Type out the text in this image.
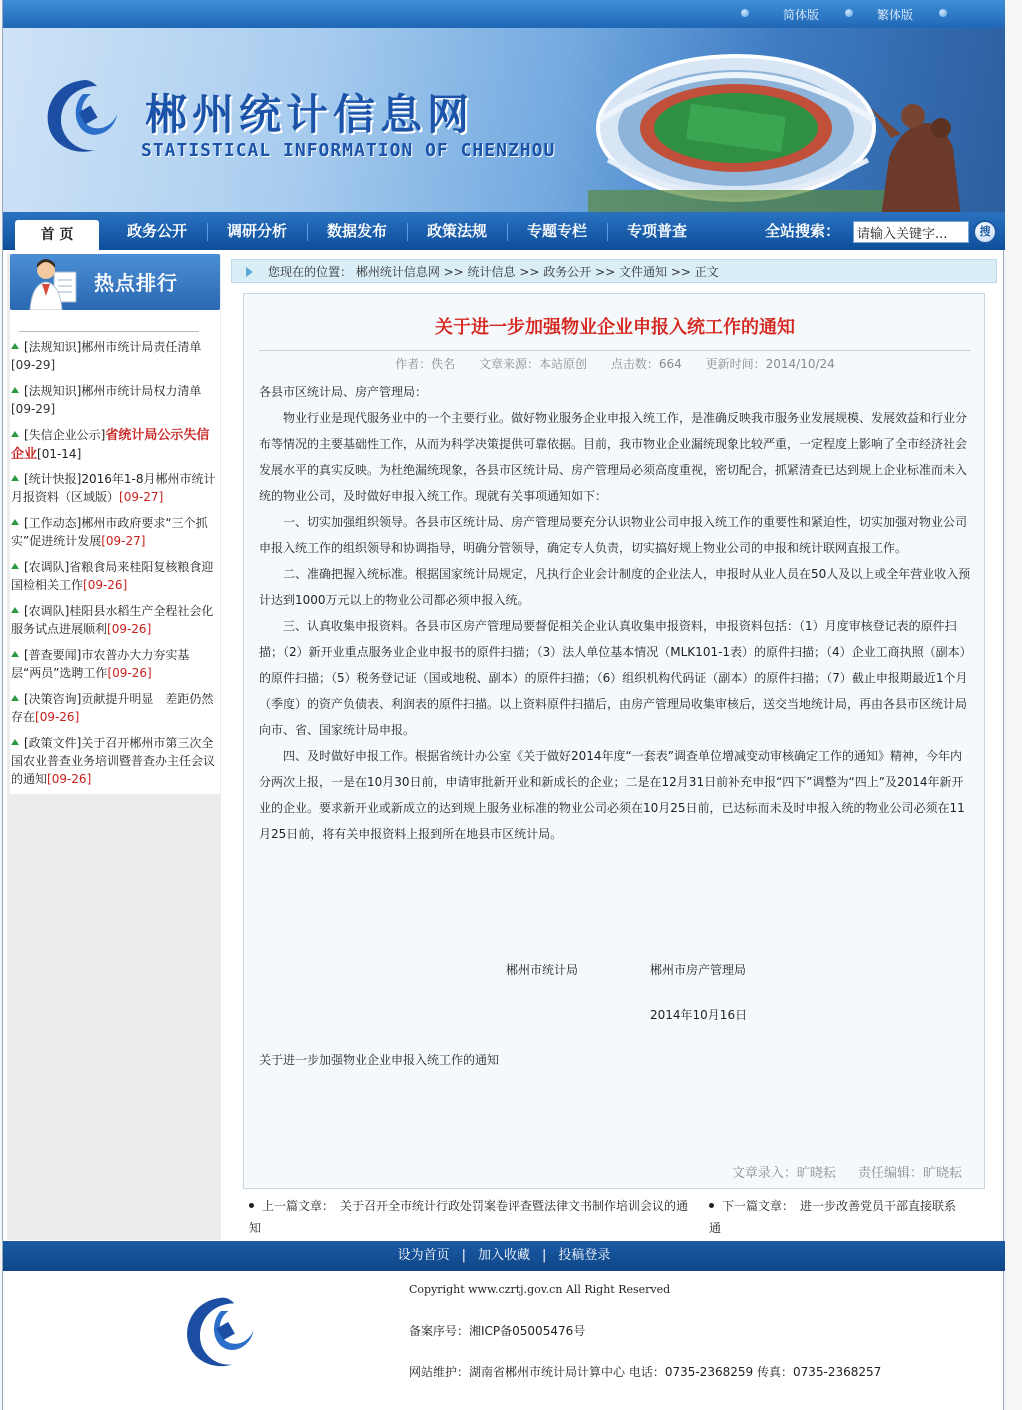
简体版	繁体版
郴州统计信息网
STATISTICAL INFORMATION OF CHENZHOU
首 页	政务公开	调研分析	数据发布	政策法规	专题专栏	专项普查	全站搜索：
请输入关键字...	搜
热点排行
[法规知识]郴州市统计局责任清单
[09-29]
[法规知识]郴州市统计局权力清单
[09-29]
[失信企业公示]省统计局公示失信企业[01-14]
[统计快报]2016年1-8月郴州市统计月报资料（区域版）[09-27]
[工作动态]郴州市政府要求“三个抓实”促进统计发展[09-27]
[农调队]省粮食局来桂阳复核粮食迎国检相关工作[09-26]
[农调队]桂阳县水稻生产全程社会化服务试点进展顺利[09-26]
[普查要闻]市农普办大力夯实基层“两员”选聘工作[09-26]
[决策咨询]贡献提升明显　差距仍然存在[09-26]
[政策文件]关于召开郴州市第三次全国农业普查业务培训暨普查办主任会议的通知[09-26]
您现在的位置： 郴州统计信息网 >> 统计信息 >> 政务公开 >> 文件通知 >> 正文
关于进一步加强物业企业申报入统工作的通知
作者：佚名 文章来源：本站原创 点击数：664 更新时间：2014/10/24

各县市区统计局、房产管理局：

物业行业是现代服务业中的一个主要行业。做好物业服务企业申报入统工作，是准确反映我市服务业发展规模、发展效益和行业分布等情况的主要基础性工作，从而为科学决策提供可靠依据。目前，我市物业企业漏统现象比较严重，一定程度上影响了全市经济社会发展水平的真实反映。为杜绝漏统现象，各县市区统计局、房产管理局必须高度重视，密切配合，抓紧清查已达到规上企业标准而未入统的物业公司，及时做好申报入统工作。现就有关事项通知如下：

一、切实加强组织领导。各县市区统计局、房产管理局要充分认识物业公司申报入统工作的重要性和紧迫性，切实加强对物业公司申报入统工作的组织领导和协调指导，明确分管领导，确定专人负责，切实搞好规上物业公司的申报和统计联网直报工作。

二、准确把握入统标准。根据国家统计局规定，凡执行企业会计制度的企业法人，申报时从业人员在50人及以上或全年营业收入预计达到1000万元以上的物业公司都必须申报入统。

三、认真收集申报资料。各县市区房产管理局要督促相关企业认真收集申报资料，申报资料包括：（1）月度审核登记表的原件扫描；（2）新开业重点服务业企业申报书的原件扫描；（3）法人单位基本情况（MLK101-1表）的原件扫描；（4）企业工商执照（副本）的原件扫描；（5）税务登记证（国或地税、副本）的原件扫描；（6）组织机构代码证（副本）的原件扫描；（7）截止申报期最近1个月（季度）的资产负债表、利润表的原件扫描。以上资料原件扫描后，由房产管理局收集审核后，送交当地统计局，再由各县市区统计局向市、省、国家统计局申报。

四、及时做好申报工作。根据省统计办公室《关于做好2014年度“一套表”调查单位增减变动审核确定工作的通知》精神，今年内分两次上报，一是在10月30日前，申请审批新开业和新成长的企业；二是在12月31日前补充申报“四下”调整为“四上”及2014年新开业的企业。要求新开业或新成立的达到规上服务业标准的物业公司必须在10月25日前，已达标而未及时申报入统的物业公司必须在11月25日前，将有关申报资料上报到所在地县市区统计局。

郴州市统计局	郴州市房产管理局
2014年10月16日
关于进一步加强物业企业申报入统工作的通知
文章录入：旷晓耘 责任编辑：旷晓耘
上一篇文章：　关于召开全市统计行政处罚案卷评查暨法律文书制作培训会议的通
知
下一篇文章：　进一步改善党员干部直接联系　通

设为首页 | 加入收藏 | 投稿登录
Copyright www.czrtj.gov.cn All Right Reserved
备案序号：湘ICP备05005476号
网站维护：湖南省郴州市统计局计算中心 电话：0735-2368259 传真：0735-2368257
